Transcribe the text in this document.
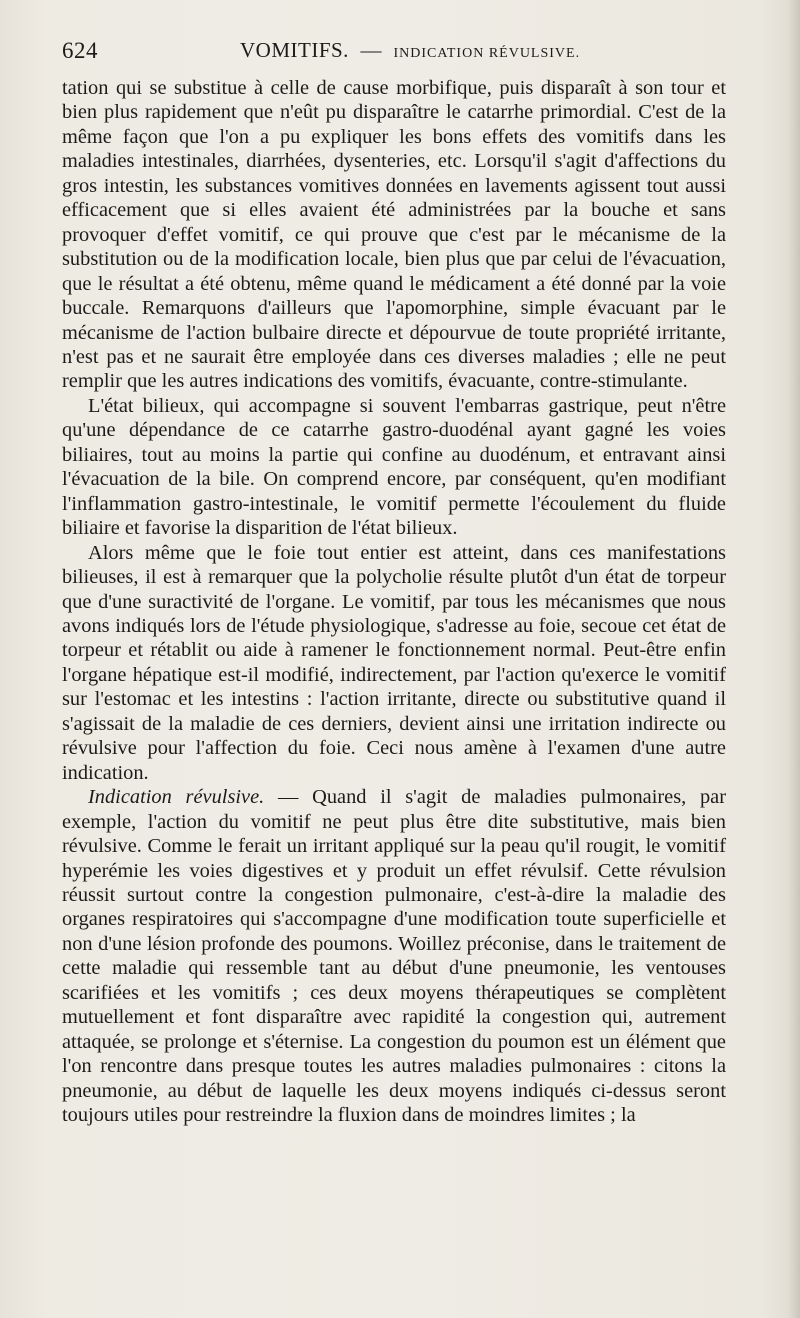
624	VOMITIFS. — INDICATION RÉVULSIVE.

tation qui se substitue à celle de cause morbifique, puis disparaît à son tour et bien plus rapidement que n'eût pu disparaître le catarrhe primordial. C'est de la même façon que l'on a pu expliquer les bons effets des vomitifs dans les maladies intestinales, diarrhées, dysenteries, etc. Lorsqu'il s'agit d'affections du gros intestin, les substances vomitives données en lavements agissent tout aussi efficacement que si elles avaient été administrées par la bouche et sans provoquer d'effet vomitif, ce qui prouve que c'est par le mécanisme de la substitution ou de la modification locale, bien plus que par celui de l'évacuation, que le résultat a été obtenu, même quand le médicament a été donné par la voie buccale. Remarquons d'ailleurs que l'apomorphine, simple évacuant par le mécanisme de l'action bulbaire directe et dépourvue de toute propriété irritante, n'est pas et ne saurait être employée dans ces diverses maladies ; elle ne peut remplir que les autres indications des vomitifs, évacuante, contre-stimulante.

L'état bilieux, qui accompagne si souvent l'embarras gastrique, peut n'être qu'une dépendance de ce catarrhe gastro-duodénal ayant gagné les voies biliaires, tout au moins la partie qui confine au duodénum, et entravant ainsi l'évacuation de la bile. On comprend encore, par conséquent, qu'en modifiant l'inflammation gastro-intestinale, le vomitif permette l'écoulement du fluide biliaire et favorise la disparition de l'état bilieux.

Alors même que le foie tout entier est atteint, dans ces manifestations bilieuses, il est à remarquer que la polycholie résulte plutôt d'un état de torpeur que d'une suractivité de l'organe. Le vomitif, par tous les mécanismes que nous avons indiqués lors de l'étude physiologique, s'adresse au foie, secoue cet état de torpeur et rétablit ou aide à ramener le fonctionnement normal. Peut-être enfin l'organe hépatique est-il modifié, indirectement, par l'action qu'exerce le vomitif sur l'estomac et les intestins : l'action irritante, directe ou substitutive quand il s'agissait de la maladie de ces derniers, devient ainsi une irritation indirecte ou révulsive pour l'affection du foie. Ceci nous amène à l'examen d'une autre indication.

Indication révulsive. — Quand il s'agit de maladies pulmonaires, par exemple, l'action du vomitif ne peut plus être dite substitutive, mais bien révulsive. Comme le ferait un irritant appliqué sur la peau qu'il rougit, le vomitif hyperémie les voies digestives et y produit un effet révulsif. Cette révulsion réussit surtout contre la congestion pulmonaire, c'est-à-dire la maladie des organes respiratoires qui s'accompagne d'une modification toute superficielle et non d'une lésion profonde des poumons. Woillez préconise, dans le traitement de cette maladie qui ressemble tant au début d'une pneumonie, les ventouses scarifiées et les vomitifs ; ces deux moyens thérapeutiques se complètent mutuellement et font disparaître avec rapidité la congestion qui, autrement attaquée, se prolonge et s'éternise. La congestion du poumon est un élément que l'on rencontre dans presque toutes les autres maladies pulmonaires : citons la pneumonie, au début de laquelle les deux moyens indiqués ci-dessus seront toujours utiles pour restreindre la fluxion dans de moindres limites ; la
